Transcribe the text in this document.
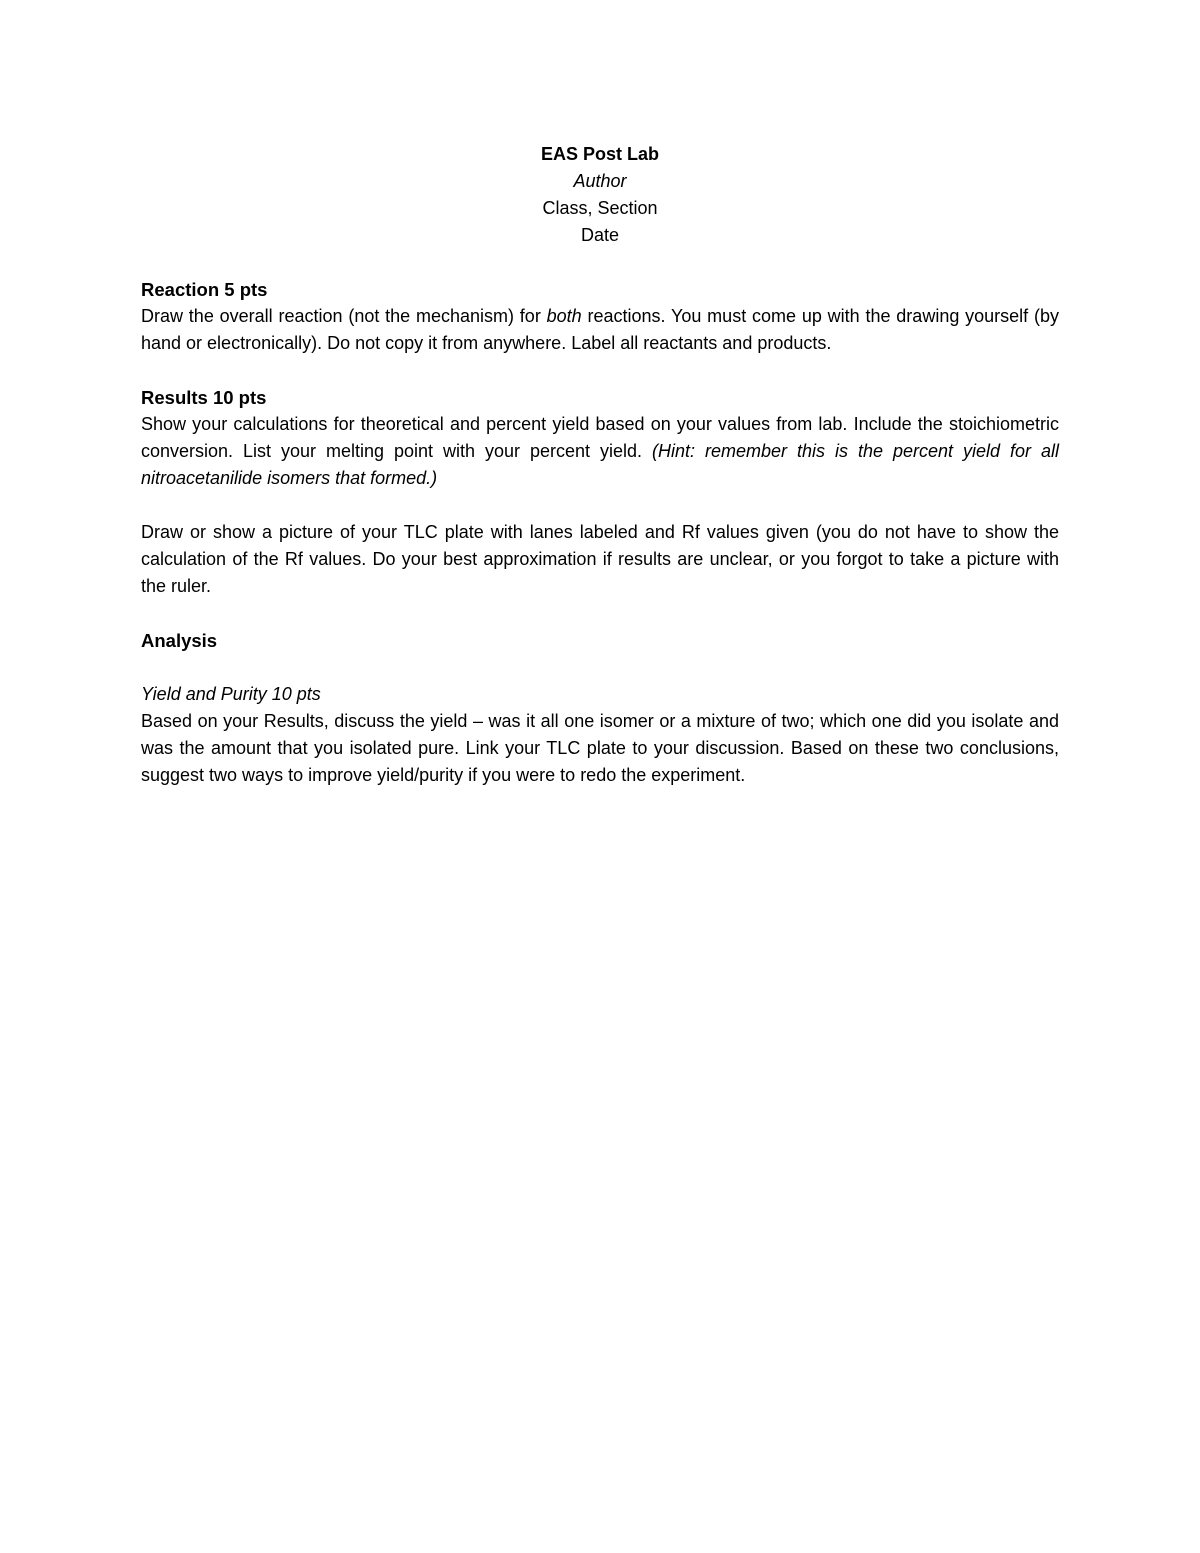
EAS Post Lab
Author
Class, Section
Date
Reaction 5 pts

Draw the overall reaction (not the mechanism) for both reactions. You must come up with the drawing yourself (by hand or electronically). Do not copy it from anywhere. Label all reactants and products.

Results 10 pts

Show your calculations for theoretical and percent yield based on your values from lab. Include the stoichiometric conversion. List your melting point with your percent yield. (Hint: remember this is the percent yield for all nitroacetanilide isomers that formed.)

Draw or show a picture of your TLC plate with lanes labeled and Rf values given (you do not have to show the calculation of the Rf values. Do your best approximation if results are unclear, or you forgot to take a picture with the ruler.

Analysis
Yield and Purity 10 pts

Based on your Results, discuss the yield – was it all one isomer or a mixture of two; which one did you isolate and was the amount that you isolated pure. Link your TLC plate to your discussion. Based on these two conclusions, suggest two ways to improve yield/purity if you were to redo the experiment.
